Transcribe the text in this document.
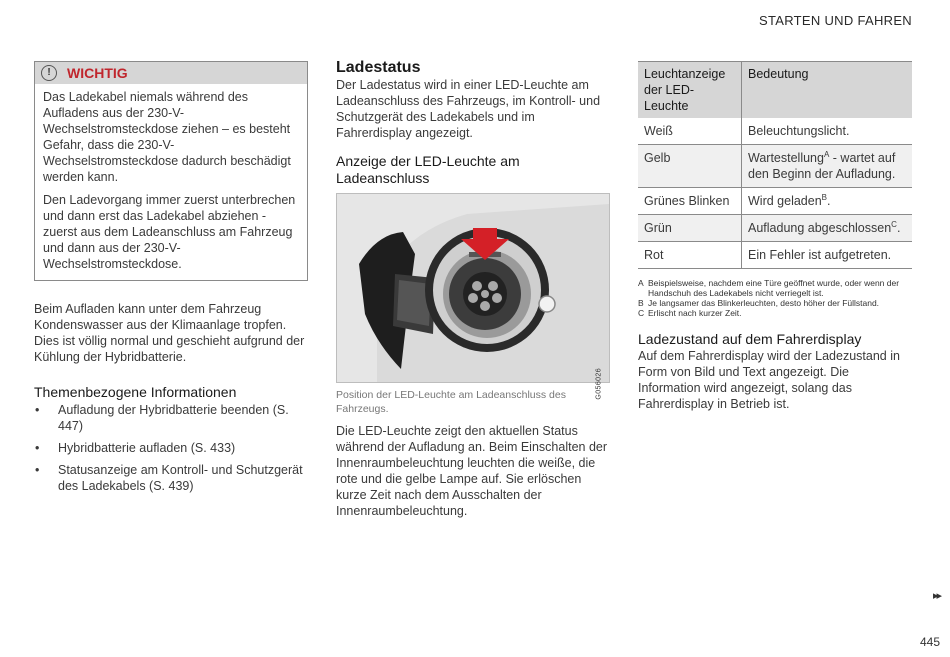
STARTEN UND FAHREN
!	WICHTIG

Das Ladekabel niemals während des Aufladens aus der 230-V- Wechselstromsteckdose ziehen – es besteht Gefahr, dass die 230-V- Wechselstromsteckdose dadurch beschädigt werden kann.

Den Ladevorgang immer zuerst unterbrechen und dann erst das Ladekabel abziehen - zuerst aus dem Ladeanschluss am Fahrzeug und dann aus der 230-V-Wechselstromsteckdose.

Beim Aufladen kann unter dem Fahrzeug Kondenswasser aus der Klimaanlage tropfen. Dies ist völlig normal und geschieht aufgrund der Kühlung der Hybridbatterie.

Themenbezogene Informationen
• Aufladung der Hybridbatterie beenden (S. 447)
• Hybridbatterie aufladen (S. 433)
• Statusanzeige am Kontroll- und Schutzgerät des Ladekabels (S. 439)
Ladestatus

Der Ladestatus wird in einer LED-Leuchte am Ladeanschluss des Fahrzeugs, im Kontroll- und Schutzgerät des Ladekabels und im Fahrerdisplay angezeigt.

Anzeige der LED-Leuchte am Ladeanschluss
G056026

Position der LED-Leuchte am Ladeanschluss des Fahrzeugs.

Die LED-Leuchte zeigt den aktuellen Status während der Aufladung an. Beim Einschalten der Innenraumbeleuchtung leuchten die weiße, die rote und die gelbe Lampe auf. Sie erlöschen kurze Zeit nach dem Ausschalten der Innenraumbeleuchtung.

Leuchtanzeige der LED-Leuchte	Bedeutung
Weiß	Beleuchtungslicht.
Gelb	Wartestellung$^A$ - wartet auf den Beginn der Aufladung.
Grünes Blinken	Wird geladen$^B$.
Grün	Aufladung abgeschlossen$^C$.
Rot	Ein Fehler ist aufgetreten.
A Beispielsweise, nachdem eine Türe geöffnet wurde, oder wenn der Handschuh des Ladekabels nicht verriegelt ist.
B Je langsamer das Blinkerleuchten, desto höher der Füllstand.
C Erlischt nach kurzer Zeit.
Ladezustand auf dem Fahrerdisplay

Auf dem Fahrerdisplay wird der Ladezustand in Form von Bild und Text angezeigt. Die Information wird angezeigt, solang das Fahrerdisplay in Betrieb ist.

▸▸
445
